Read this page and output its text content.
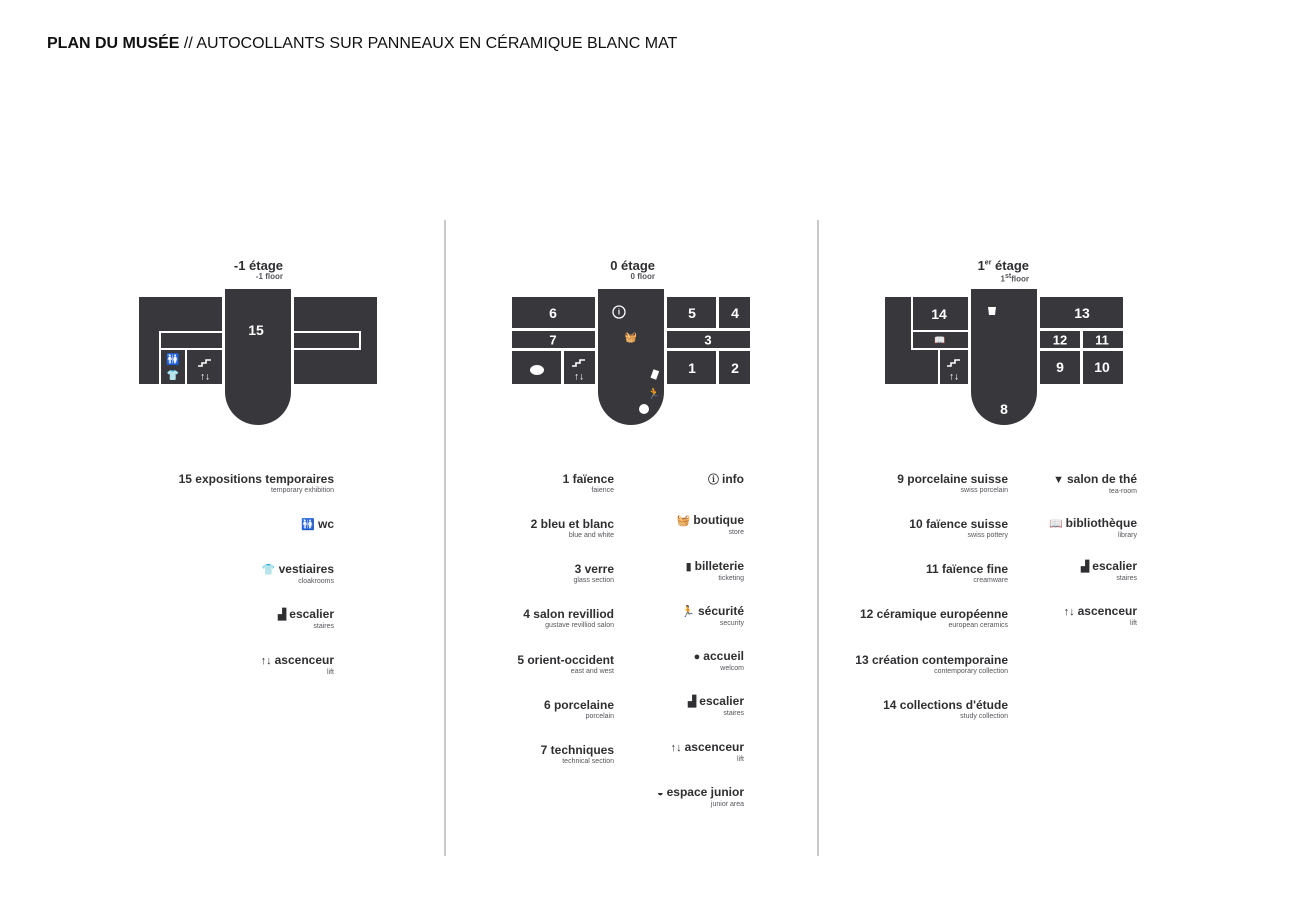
PLAN DU MUSÉE // AUTOCOLLANTS SUR PANNEAUX EN CÉRAMIQUE BLANC MAT
-1 étage
-1 floor
0 étage
0 floor
1er étage
1stfloor
15
🚻
👕 ↑↓
6
7
5	4
3
1	2
i
🧺
🏃
↑↓
14	13
12 11
9 10
8
📖
↑↓
15 expositions temporaires
temporary exhibition
🚻 wc
👕 vestiaires
cloakrooms
▟ escalier
staires
↑↓ ascenceur
lift
1 faïence
faience
2 bleu et blanc
blue and white
3 verre
glass section
4 salon revilliod
gustave revilliod salon
5 orient-occident
east and west
6 porcelaine
porcelain
7 techniques
technical section
ⓘ info
🧺 boutique
store
▮ billeterie
ticketing
🏃 sécurité
security
● accueil
welcom
▟ escalier
staires
↑↓ ascenceur
lift
◒ espace junior
junior area
9 porcelaine suisse
swiss porcelain
10 faïence suisse
swiss pottery
11 faïence fine
creamware
12 céramique européenne
european ceramics
13 création contemporaine
contemporary collection
14 collections d'étude
study collection
▼ salon de thé
tea-room
📖 bibliothèque
library
▟ escalier
staires
↑↓ ascenceur
lift
